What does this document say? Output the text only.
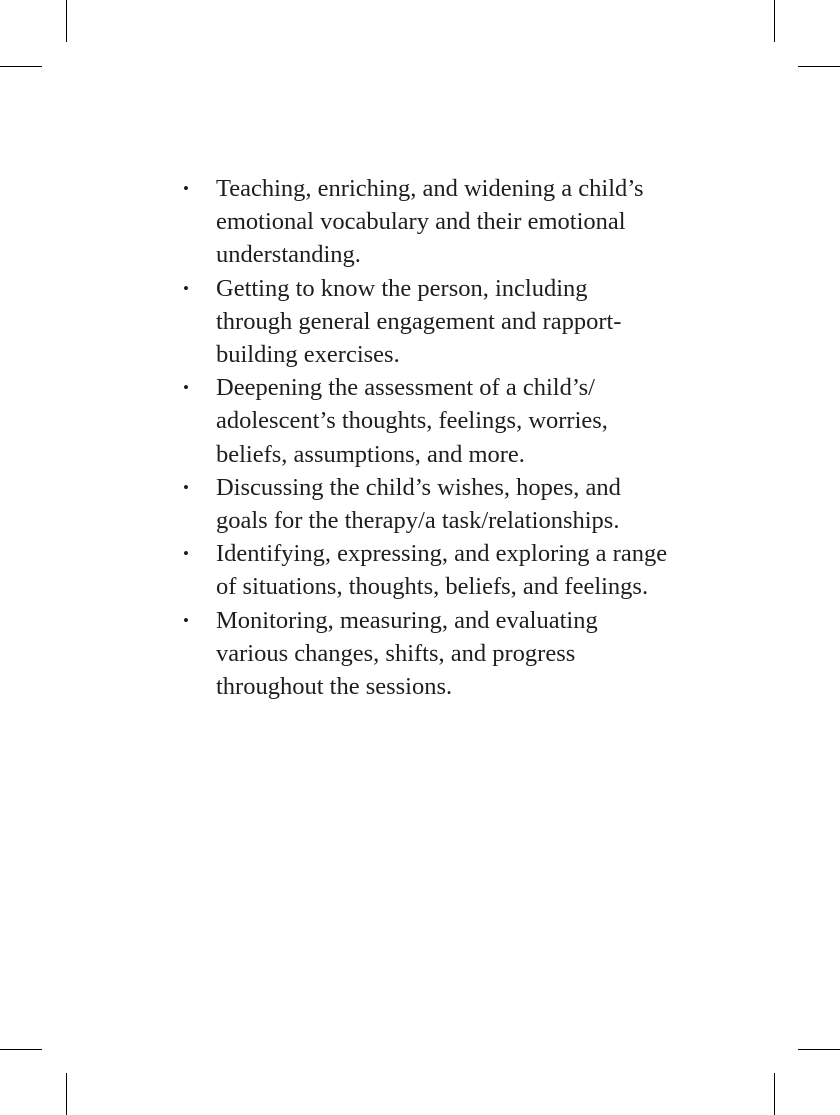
•	Teaching, enriching, and widening a child’s
emotional vocabulary and their emotional
understanding.
•	Getting to know the person, including
through general engagement and rapport-
building exercises.
•	Deepening the assessment of a child’s/
adolescent’s thoughts, feelings, worries,
beliefs, assumptions, and more.
•	Discussing the child’s wishes, hopes, and
goals for the therapy/a task/relationships.
•	Identifying, expressing, and exploring a range
of situations, thoughts, beliefs, and feelings.
•	Monitoring, measuring, and evaluating
various changes, shifts, and progress
throughout the sessions.
